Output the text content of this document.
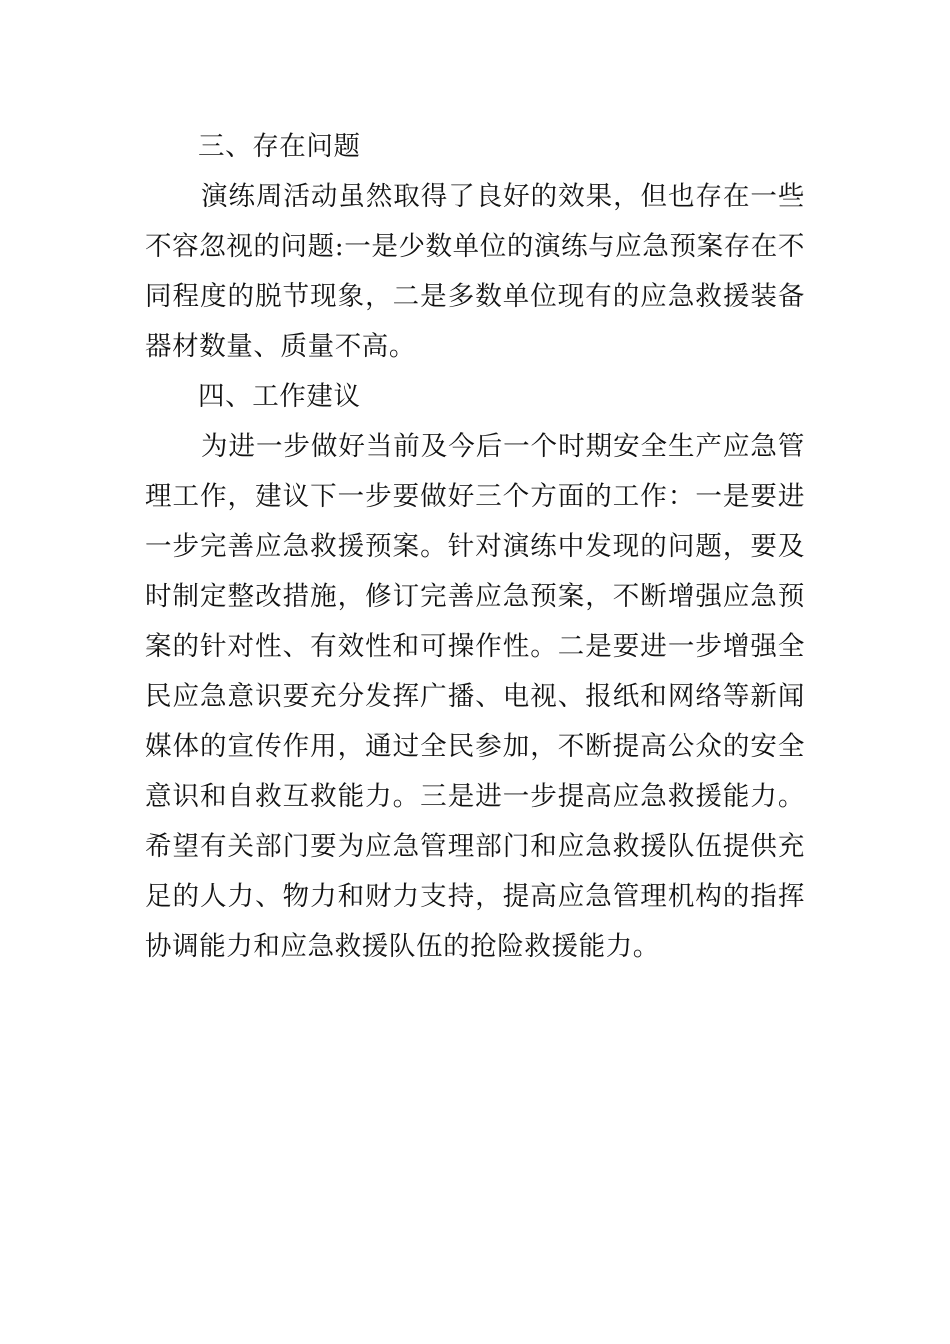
三、存在问题

演练周活动虽然取得了良好的效果，但也存在一些不容忽视的问题:一是少数单位的演练与应急预案存在不同程度的脱节现象，二是多数单位现有的应急救援装备器材数量、质量不高。

四、工作建议

为进一步做好当前及今后一个时期安全生产应急管理工作，建议下一步要做好三个方面的工作：一是要进一步完善应急救援预案。针对演练中发现的问题，要及时制定整改措施，修订完善应急预案，不断增强应急预案的针对性、有效性和可操作性。二是要进一步增强全民应急意识要充分发挥广播、电视、报纸和网络等新闻媒体的宣传作用，通过全民参加，不断提高公众的安全意识和自救互救能力。三是进一步提高应急救援能力。希望有关部门要为应急管理部门和应急救援队伍提供充足的人力、物力和财力支持，提高应急管理机构的指挥协调能力和应急救援队伍的抢险救援能力。
